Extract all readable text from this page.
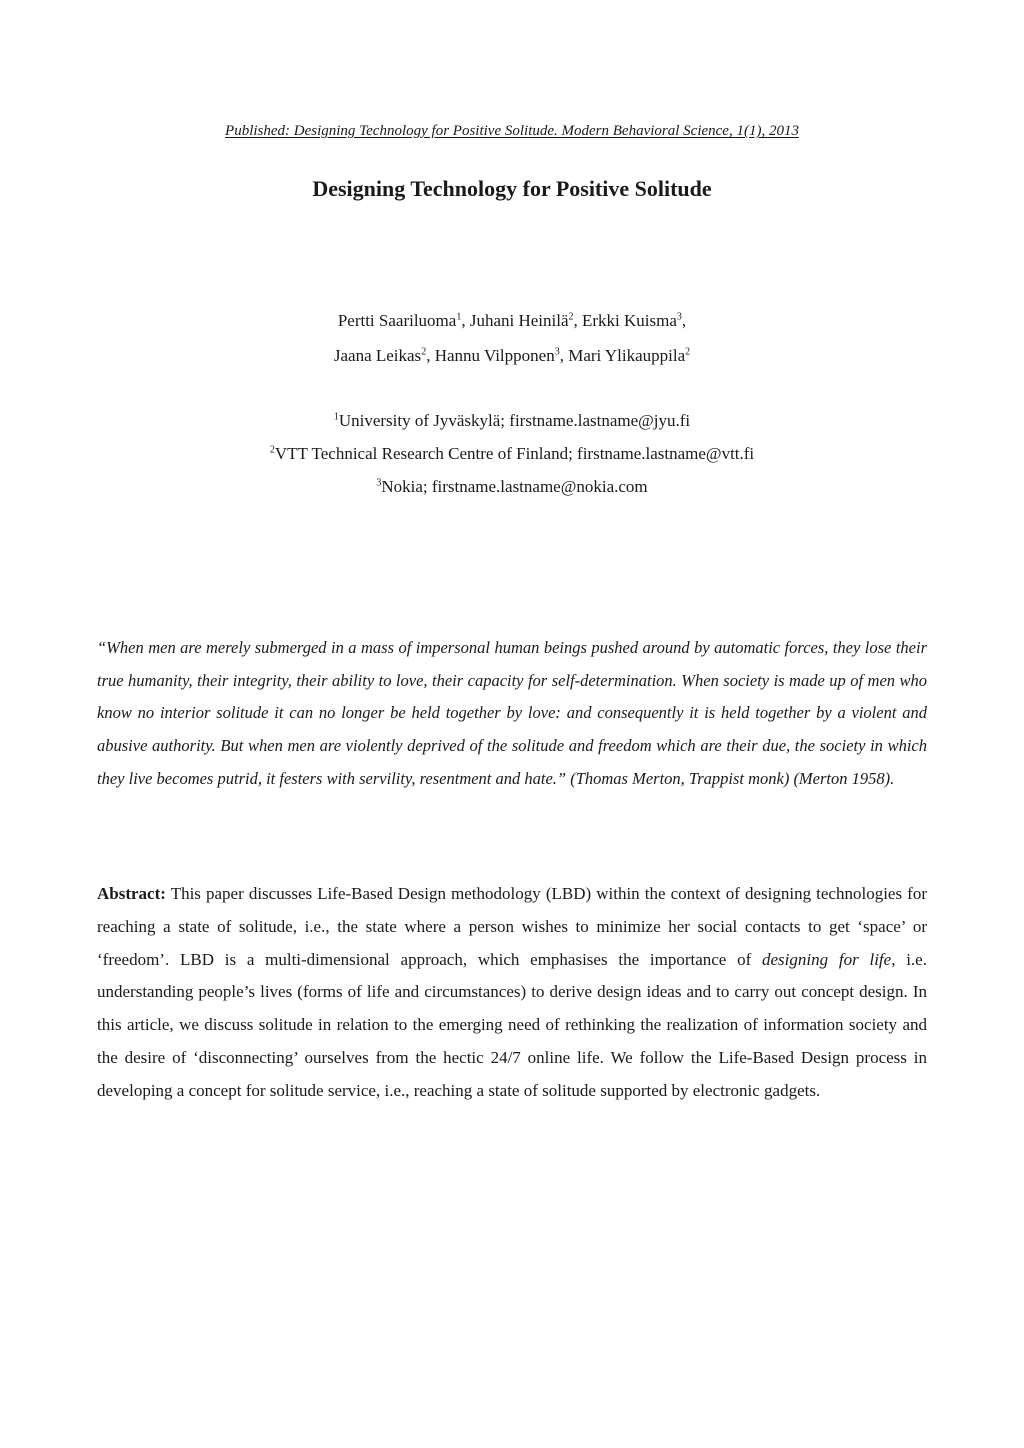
Published: Designing Technology for Positive Solitude. Modern Behavioral Science, 1(1), 2013
Designing Technology for Positive Solitude
Pertti Saariluoma$^1$, Juhani Heinilä$^2$, Erkki Kuisma$^3$,
Jaana Leikas$^2$, Hannu Vilpponen$^3$, Mari Ylikauppila$^2$
$^1$University of Jyväskylä; firstname.lastname@jyu.fi
$^2$VTT Technical Research Centre of Finland; firstname.lastname@vtt.fi
$^3$Nokia; firstname.lastname@nokia.com

“When men are merely submerged in a mass of impersonal human beings pushed around by automatic forces, they lose their true humanity, their integrity, their ability to love, their capacity for self-determination. When society is made up of men who know no interior solitude it can no longer be held together by love: and consequently it is held together by a violent and abusive authority. But when men are violently deprived of the solitude and freedom which are their due, the society in which they live becomes putrid, it festers with servility, resentment and hate.” (Thomas Merton, Trappist monk) (Merton 1958).

Abstract: This paper discusses Life-Based Design methodology (LBD) within the context of designing technologies for reaching a state of solitude, i.e., the state where a person wishes to minimize her social contacts to get ‘space’ or ‘freedom’. LBD is a multi-dimensional approach, which emphasises the importance of designing for life, i.e. understanding people’s lives (forms of life and circumstances) to derive design ideas and to carry out concept design. In this article, we discuss solitude in relation to the emerging need of rethinking the realization of information society and the desire of ‘disconnecting’ ourselves from the hectic 24/7 online life. We follow the Life-Based Design process in developing a concept for solitude service, i.e., reaching a state of solitude supported by electronic gadgets.
